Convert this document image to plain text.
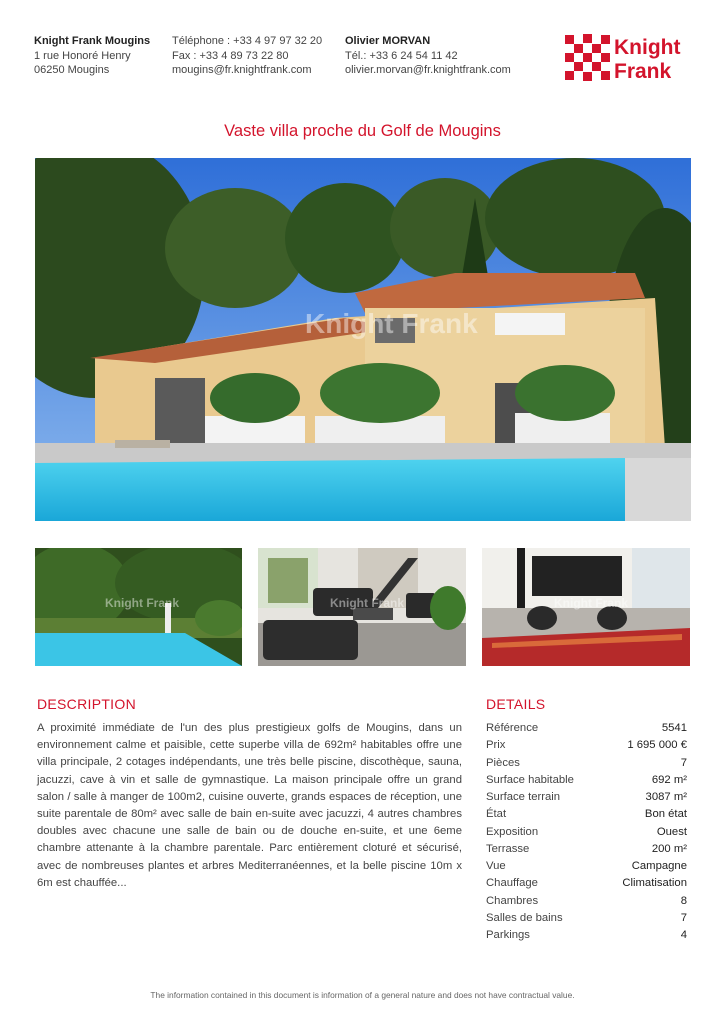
Knight Frank Mougins
1 rue Honoré Henry
06250 Mougins
Téléphone : +33 4 97 97 32 20
Fax : +33 4 89 73 22 80
mougins@fr.knightfrank.com
Olivier MORVAN
Tél.: +33 6 24 54 11 42
olivier.morvan@fr.knightfrank.com
Knight
Frank
Vaste villa proche du Golf de Mougins
Knight Frank
Knight Frank	Knight Frank	Knight Frank
DESCRIPTION
A proximité immédiate de l'un des plus prestigieux golfs de Mougins, dans un environnement calme et paisible, cette superbe villa de 692m² habitables offre une villa principale, 2 cotages indépendants, une très belle piscine, discothèque, sauna, jacuzzi, cave à vin et salle de gymnastique. La maison principale offre un grand salon / salle à manger de 100m2, cuisine ouverte, grands espaces de réception, une suite parentale de 80m² avec salle de bain en-suite avec jacuzzi, 4 autres chambres doubles avec chacune une salle de bain ou de douche en-suite, et une 6eme chambre attenante à la chambre parentale. Parc entièrement cloturé et sécurisé, avec de nombreuses plantes et arbres Mediterranéennes, et la belle piscine 10m x 6m est chauffée...
DETAILS
Référence	5541
Prix	1 695 000 €
Pièces	7
Surface habitable	692 m²
Surface terrain	3087 m²
État	Bon état
Exposition	Ouest
Terrasse	200 m²
Vue	Campagne
Chauffage	Climatisation
Chambres	8
Salles de bains	7
Parkings	4
The information contained in this document is information of a general nature and does not have contractual value.
